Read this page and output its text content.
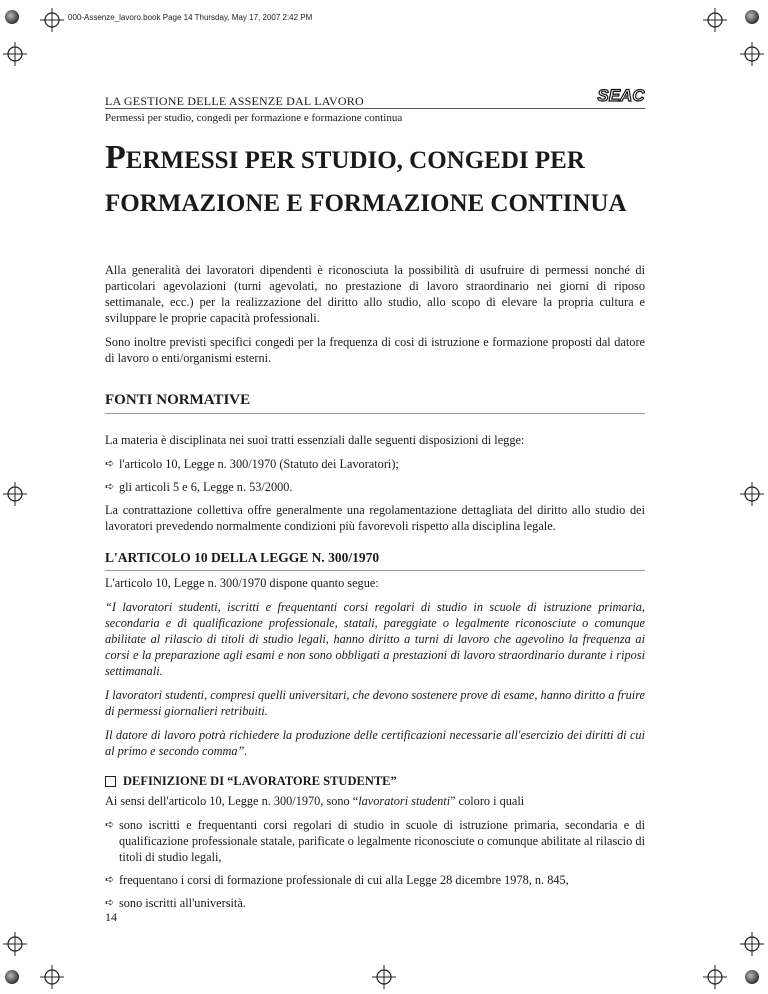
000-Assenze_lavoro.book Page 14 Thursday, May 17, 2007 2:42 PM
LA GESTIONE DELLE ASSENZE DAL LAVORO	SEAC
Permessi per studio, congedi per formazione e formazione continua
PERMESSI PER STUDIO, CONGEDI PER
FORMAZIONE E FORMAZIONE CONTINUA

Alla generalità dei lavoratori dipendenti è riconosciuta la possibilità di usufruire di permessi nonché di particolari agevolazioni (turni agevolati, no prestazione di lavoro straordinario nei giorni di riposo settimanale, ecc.) per la realizzazione del diritto allo studio, allo scopo di elevare la propria cultura e sviluppare le proprie capacità professionali.

Sono inoltre previsti specifici congedi per la frequenza di cosi di istruzione e formazione proposti dal datore di lavoro o enti/organismi esterni.

FONTI NORMATIVE

La materia è disciplinata nei suoi tratti essenziali dalle seguenti disposizioni di legge:

➪ l'articolo 10, Legge n. 300/1970 (Statuto dei Lavoratori);
➪ gli articoli 5 e 6, Legge n. 53/2000.

La contrattazione collettiva offre generalmente una regolamentazione dettagliata del diritto allo studio dei lavoratori prevedendo normalmente condizioni più favorevoli rispetto alla disciplina legale.

L'ARTICOLO 10 DELLA LEGGE N. 300/1970

L'articolo 10, Legge n. 300/1970 dispone quanto segue:

“I lavoratori studenti, iscritti e frequentanti corsi regolari di studio in scuole di istruzione primaria, secondaria e di qualificazione professionale, statali, pareggiate o legalmente riconosciute o comunque abilitate al rilascio di titoli di studio legali, hanno diritto a turni di lavoro che agevolino la frequenza ai corsi e la preparazione agli esami e non sono obbligati a prestazioni di lavoro straordinario durante i riposi settimanali.

I lavoratori studenti, compresi quelli universitari, che devono sostenere prove di esame, hanno diritto a fruire di permessi giornalieri retribuiti.

Il datore di lavoro potrà richiedere la produzione delle certificazioni necessarie all'esercizio dei diritti di cui al primo e secondo comma”.

DEFINIZIONE DI “LAVORATORE STUDENTE”

Ai sensi dell'articolo 10, Legge n. 300/1970, sono “lavoratori studenti” coloro i quali

➪ sono iscritti e frequentanti corsi regolari di studio in scuole di istruzione primaria, secondaria e di qualificazione professionale statale, parificate o legalmente riconosciute o comunque abilitate al rilascio di titoli di studio legali,
➪ frequentano i corsi di formazione professionale di cui alla Legge 28 dicembre 1978, n. 845,
➪ sono iscritti all'università.
14
